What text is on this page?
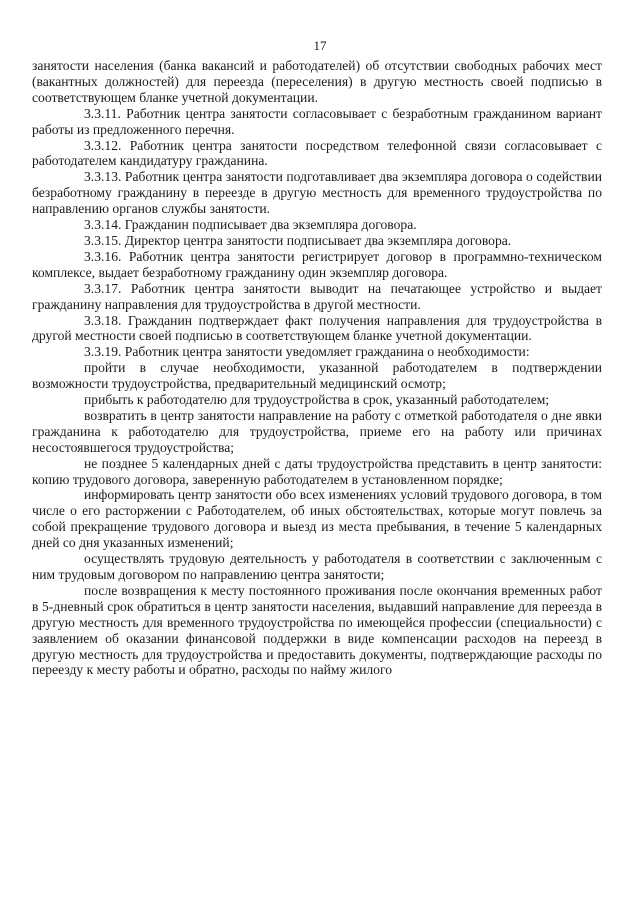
17

занятости населения (банка вакансий и работодателей) об отсутствии свободных рабочих мест (вакантных должностей) для переезда (переселения) в другую местность своей подписью в соответствующем бланке учетной документации.

3.3.11. Работник центра занятости согласовывает с безработным гражданином вариант работы из предложенного перечня.

3.3.12. Работник центра занятости посредством телефонной связи согласовывает с работодателем кандидатуру гражданина.

3.3.13. Работник центра занятости подготавливает два экземпляра договора о содействии безработному гражданину в переезде в другую местность для временного трудоустройства по направлению органов службы занятости.

3.3.14. Гражданин подписывает два экземпляра договора.

3.3.15. Директор центра занятости подписывает два экземпляра договора.

3.3.16. Работник центра занятости регистрирует договор в программно-техническом комплексе, выдает безработному гражданину один экземпляр договора.

3.3.17. Работник центра занятости выводит на печатающее устройство и выдает гражданину направления для трудоустройства в другой местности.

3.3.18. Гражданин подтверждает факт получения направления для трудоустройства в другой местности своей подписью в соответствующем бланке учетной документации.

3.3.19. Работник центра занятости уведомляет гражданина о необходимости:

пройти в случае необходимости, указанной работодателем в подтверждении возможности трудоустройства, предварительный медицинский осмотр;

прибыть к работодателю для трудоустройства в срок, указанный работодателем;

возвратить в центр занятости направление на работу с отметкой работодателя о дне явки гражданина к работодателю для трудоустройства, приеме его на работу или причинах несостоявшегося трудоустройства;

не позднее 5 календарных дней с даты трудоустройства представить в центр занятости: копию трудового договора, заверенную работодателем в установленном порядке;

информировать центр занятости обо всех изменениях условий трудового договора, в том числе о его расторжении с Работодателем, об иных обстоятельствах, которые могут повлечь за собой прекращение трудового договора и выезд из места пребывания, в течение 5 календарных дней со дня указанных изменений;

осуществлять трудовую деятельность у работодателя в соответствии с заключенным с ним трудовым договором по направлению центра занятости;

после возвращения к месту постоянного проживания после окончания временных работ в 5-дневный срок обратиться в центр занятости населения, выдавший направление для переезда в другую местность для временного трудоустройства по имеющейся профессии (специальности) с заявлением об оказании финансовой поддержки в виде компенсации расходов на переезд в другую местность для трудоустройства и предоставить документы, подтверждающие расходы по переезду к месту работы и обратно, расходы по найму жилого
